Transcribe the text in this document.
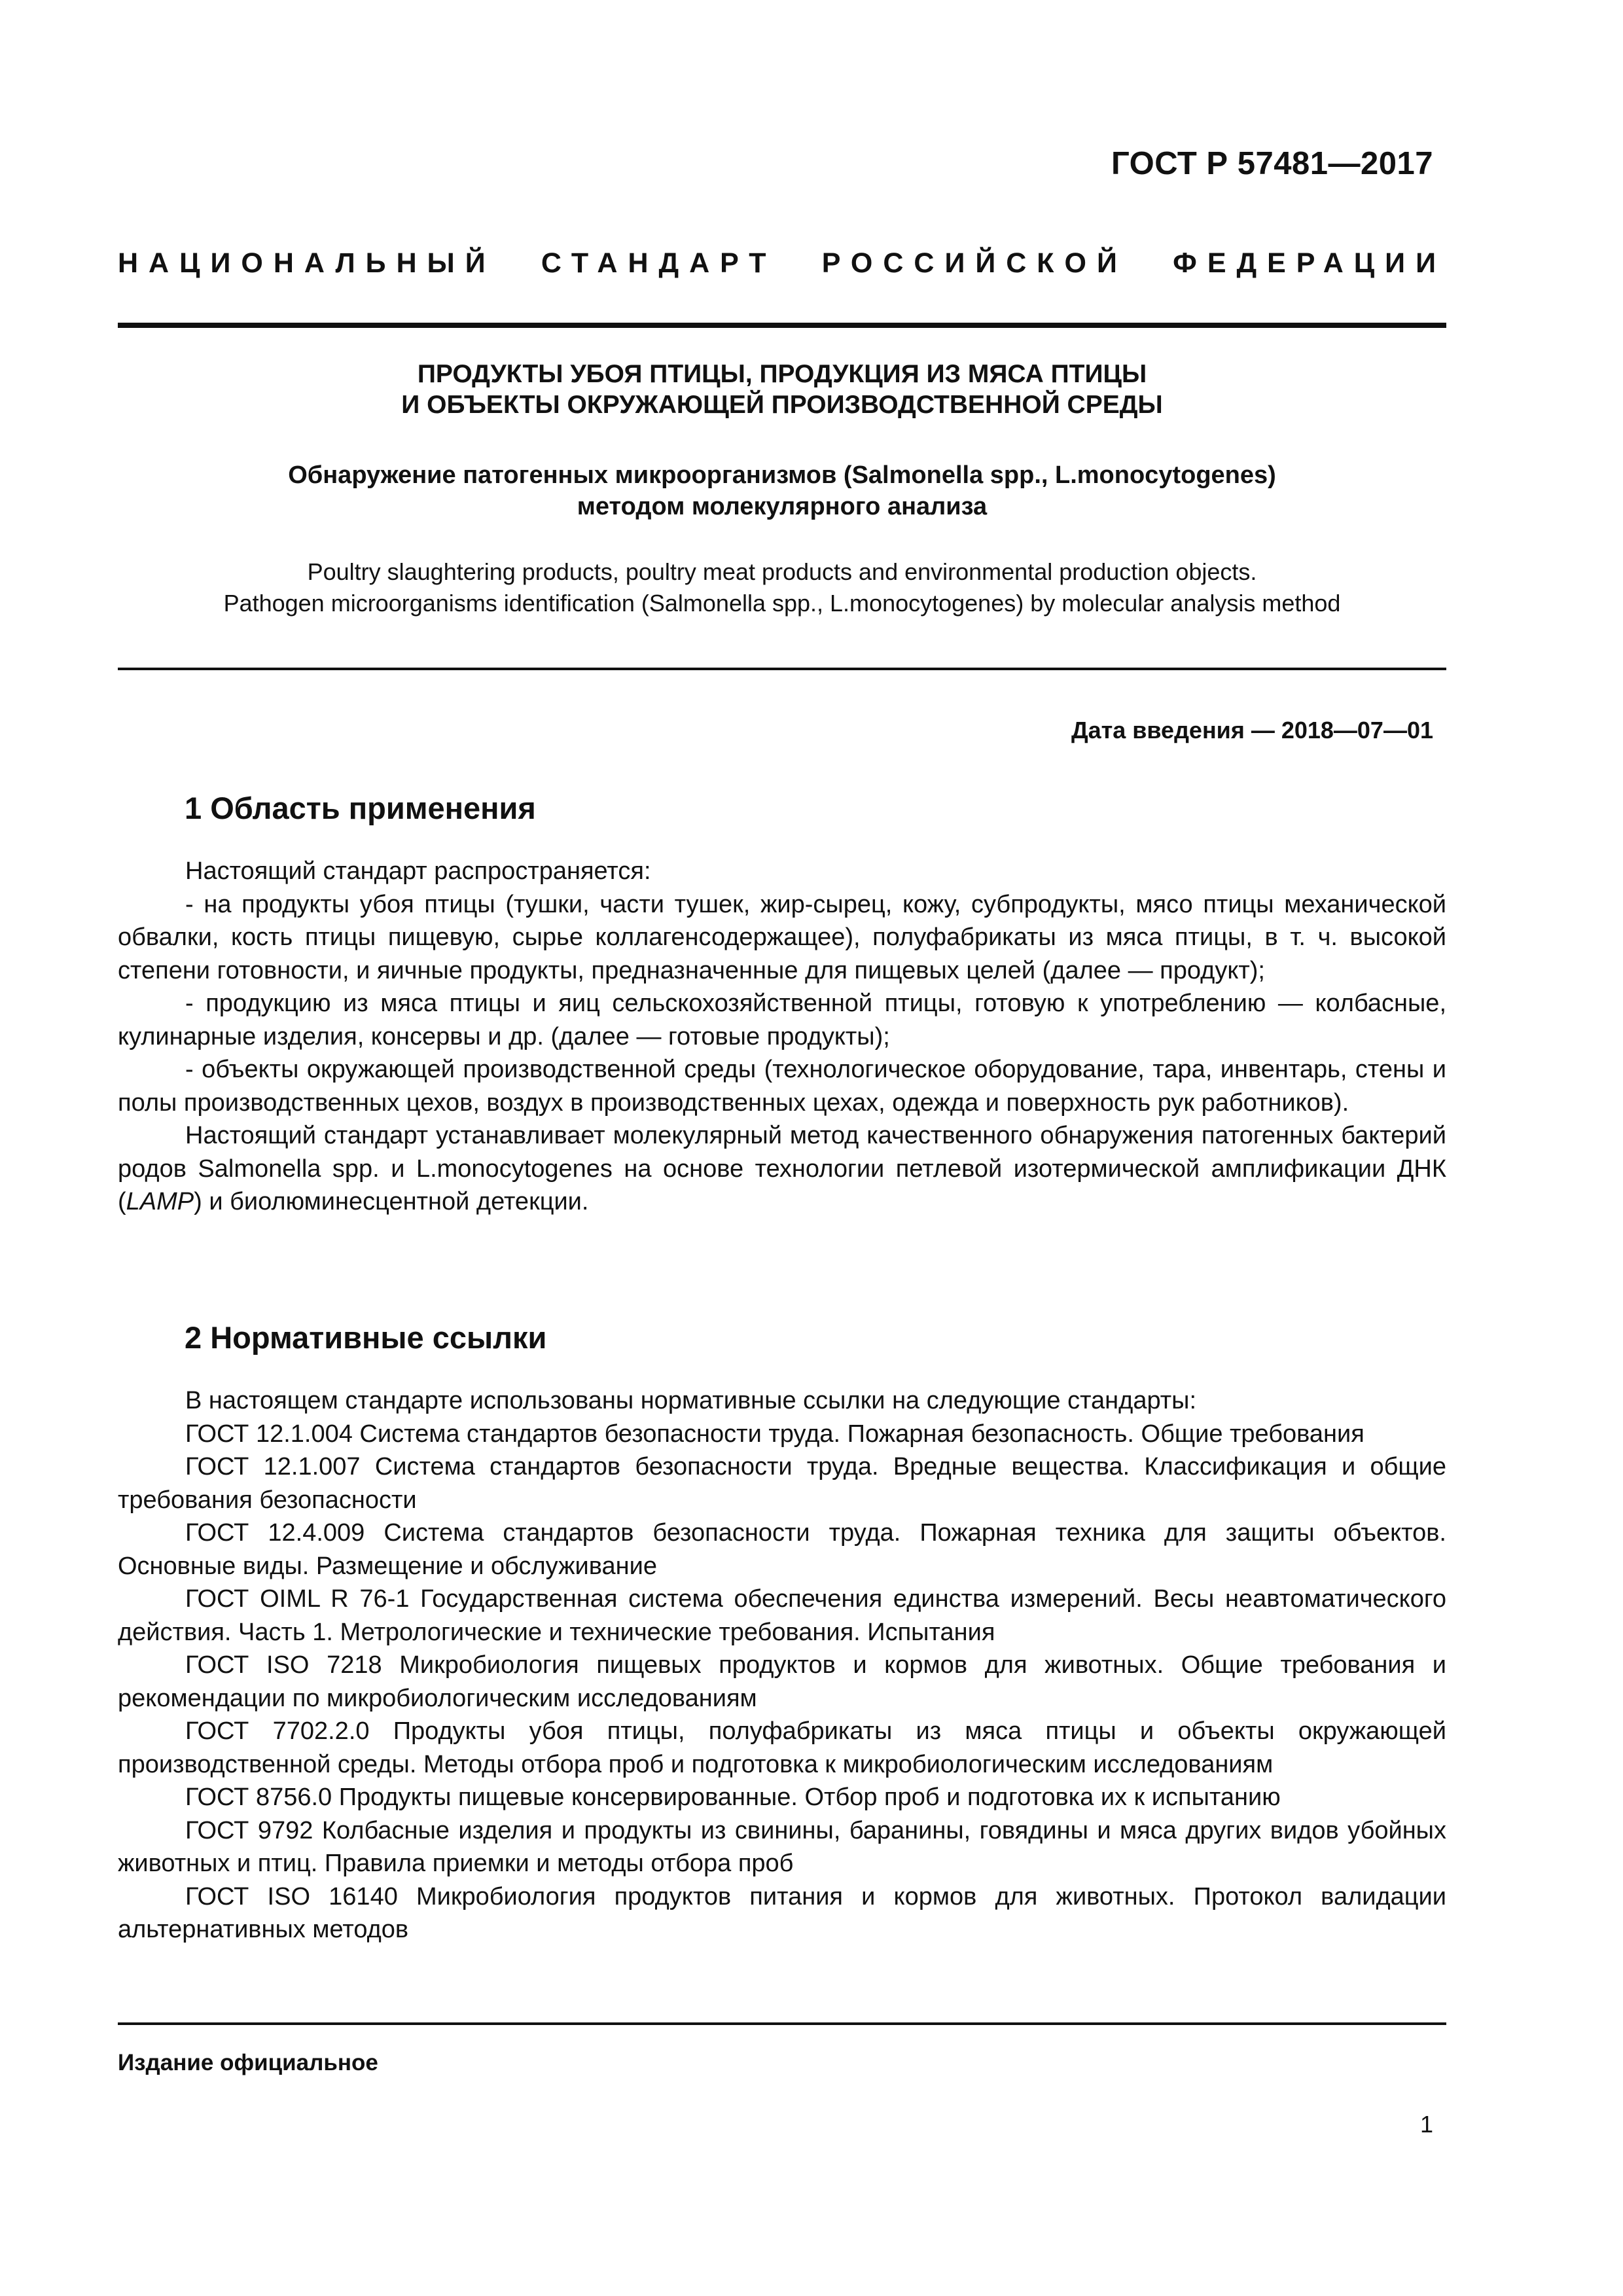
ГОСТ Р 57481—2017
НАЦИОНАЛЬНЫЙ СТАНДАРТ РОССИЙСКОЙ ФЕДЕРАЦИИ
ПРОДУКТЫ УБОЯ ПТИЦЫ, ПРОДУКЦИЯ ИЗ МЯСА ПТИЦЫ
И ОБЪЕКТЫ ОКРУЖАЮЩЕЙ ПРОИЗВОДСТВЕННОЙ СРЕДЫ
Обнаружение патогенных микроорганизмов (Salmonella spp., L.monocytogenes)
методом молекулярного анализа
Poultry slaughtering products, poultry meat products and environmental production objects.
Pathogen microorganisms identification (Salmonella spp., L.monocytogenes) by molecular analysis method
Дата введения — 2018—07—01
1 Область применения

Настоящий стандарт распространяется:

- на продукты убоя птицы (тушки, части тушек, жир-сырец, кожу, субпродукты, мясо птицы механической обвалки, кость птицы пищевую, сырье коллагенсодержащее), полуфабрикаты из мяса птицы, в т. ч. высокой степени готовности, и яичные продукты, предназначенные для пищевых целей (далее — продукт);

- продукцию из мяса птицы и яиц сельскохозяйственной птицы, готовую к употреблению — колбасные, кулинарные изделия, консервы и др. (далее — готовые продукты);

- объекты окружающей производственной среды (технологическое оборудование, тара, инвентарь, стены и полы производственных цехов, воздух в производственных цехах, одежда и поверхность рук работников).

Настоящий стандарт устанавливает молекулярный метод качественного обнаружения патогенных бактерий родов Salmonella spp. и L.monocytogenes на основе технологии петлевой изотермической амплификации ДНК (LAMP) и биолюминесцентной детекции.

2 Нормативные ссылки

В настоящем стандарте использованы нормативные ссылки на следующие стандарты:

ГОСТ 12.1.004 Система стандартов безопасности труда. Пожарная безопасность. Общие требования

ГОСТ 12.1.007 Система стандартов безопасности труда. Вредные вещества. Классификация и общие требования безопасности

ГОСТ 12.4.009 Система стандартов безопасности труда. Пожарная техника для защиты объектов. Основные виды. Размещение и обслуживание

ГОСТ OIML R 76-1 Государственная система обеспечения единства измерений. Весы неавтоматического действия. Часть 1. Метрологические и технические требования. Испытания

ГОСТ ISO 7218 Микробиология пищевых продуктов и кормов для животных. Общие требования и рекомендации по микробиологическим исследованиям

ГОСТ 7702.2.0 Продукты убоя птицы, полуфабрикаты из мяса птицы и объекты окружающей производственной среды. Методы отбора проб и подготовка к микробиологическим исследованиям

ГОСТ 8756.0 Продукты пищевые консервированные. Отбор проб и подготовка их к испытанию

ГОСТ 9792 Колбасные изделия и продукты из свинины, баранины, говядины и мяса других видов убойных животных и птиц. Правила приемки и методы отбора проб

ГОСТ ISO 16140 Микробиология продуктов питания и кормов для животных. Протокол валидации альтернативных методов

Издание официальное
1
